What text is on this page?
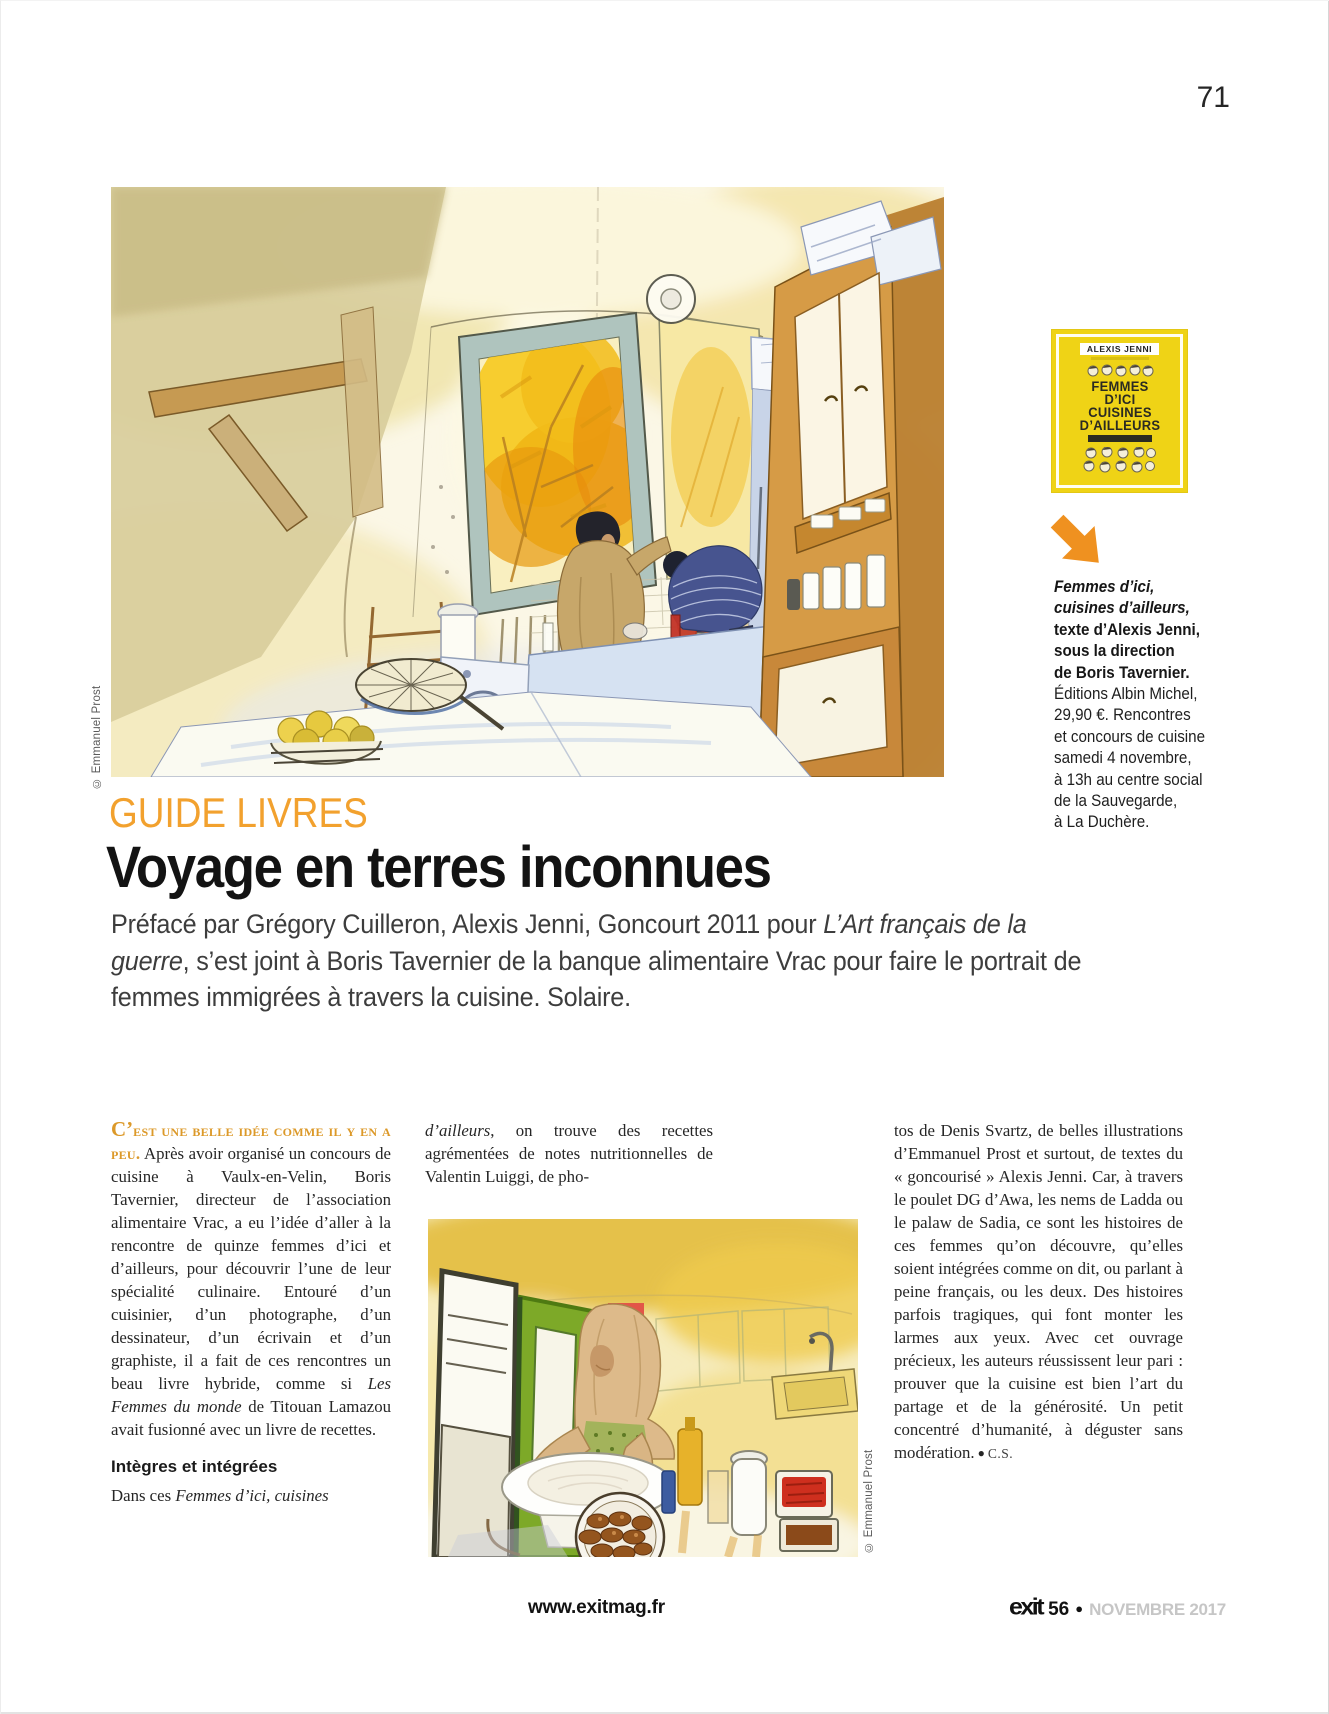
71
© Emmanuel Prost
ALEXIS JENNI
FEMMES
D’ICI
CUISINES
D’AILLEURS
Femmes d’ici,
cuisines d’ailleurs,
texte d’Alexis Jenni,
sous la direction
de Boris Tavernier.
Éditions Albin Michel,
29,90 €. Rencontres
et concours de cuisine
samedi 4 novembre,
à 13h au centre social
de la Sauvegarde,
à La Duchère.
GUIDE LIVRES
Voyage en terres inconnues
Préfacé par Grégory Cuilleron, Alexis Jenni, Goncourt 2011 pour L’Art français de la guerre, s’est joint à Boris Tavernier de la banque alimentaire Vrac pour faire le portrait de femmes immigrées à travers la cuisine. Solaire.

C’est une belle idée comme il y en a peu. Après avoir organisé un concours de cuisine à Vaulx-en-Velin, Boris Tavernier, directeur de l’association alimentaire Vrac, a eu l’idée d’aller à la rencontre de quinze femmes d’ici et d’ailleurs, pour découvrir l’une de leur spécialité culinaire. Entouré d’un cuisinier, d’un photographe, d’un dessinateur, d’un écrivain et d’un graphiste, il a fait de ces rencontres un beau livre hybride, comme si Les Femmes du monde de Titouan Lamazou avait fusionné avec un livre de recettes.

Intègres et intégrées

Dans ces Femmes d’ici, cuisines

d’ailleurs, on trouve des recettes agrémentées de notes nutritionnelles de Valentin Luiggi, de pho-

tos de Denis Svartz, de belles illustrations d’Emmanuel Prost et surtout, de textes du « goncourisé » Alexis Jenni. Car, à travers le poulet DG d’Awa, les nems de Ladda ou le palaw de Sadia, ce sont les histoires de ces femmes qu’on découvre, qu’elles soient intégrées comme on dit, ou parlant à peine français, ou les deux. Des histoires parfois tragiques, qui font monter les larmes aux yeux. Avec cet ouvrage précieux, les auteurs réussissent leur pari : prouver que la cuisine est bien l’art du partage et de la générosité. Un petit concentré d’humanité, à déguster sans modération. ● C.S.

© Emmanuel Prost
www.exitmag.fr	exit 56 ● NOVEMBRE 2017
